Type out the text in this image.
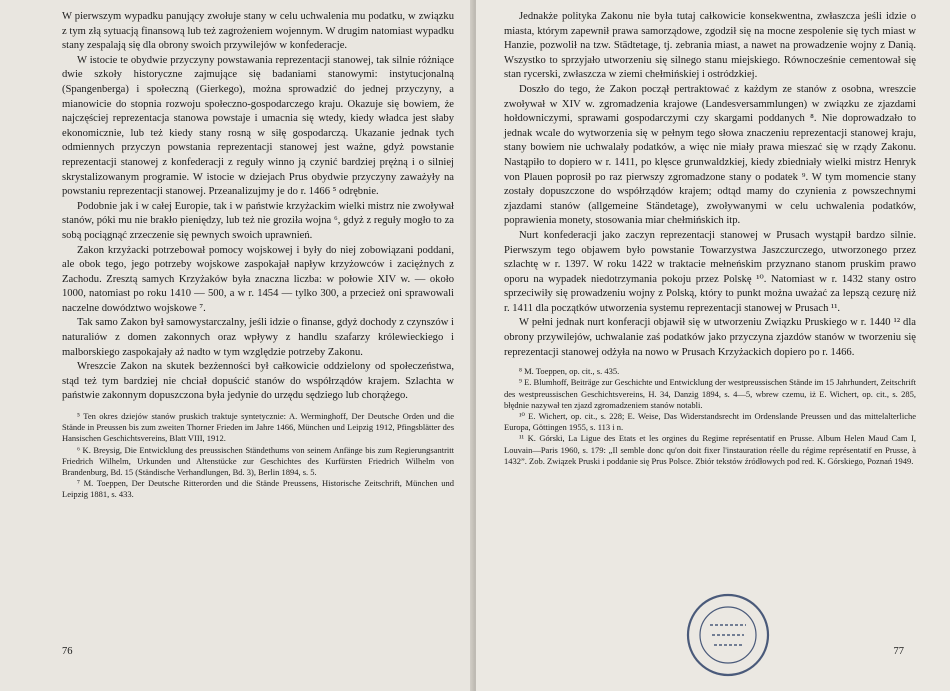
W pierwszym wypadku panujący zwołuje stany w celu uchwalenia mu podatku, w związku z tym złą sytuacją finansową lub też zagrożeniem wojennym. W drugim natomiast wypadku stany zespalają się dla obrony swoich przywilejów w konfederacje.

W istocie te obydwie przyczyny powstawania reprezentacji stanowej, tak silnie różniące dwie szkoły historyczne zajmujące się badaniami stanowymi: instytucjonalną (Spangenberga) i społeczną (Gierkego), można sprowadzić do jednej przyczyny, a mianowicie do stopnia rozwoju społeczno-gospodarczego kraju. Okazuje się bowiem, że najczęściej reprezentacja stanowa powstaje i umacnia się wtedy, kiedy władca jest słaby ekonomicznie, lub też kiedy stany rosną w siłę gospodarczą. Ukazanie jednak tych odmiennych przyczyn powstania reprezentacji stanowej jest ważne, gdyż powstanie reprezentacji stanowej z konfederacji z reguły winno ją czynić bardziej prężną i o silniej skrystalizowanym programie. W istocie w dziejach Prus obydwie przyczyny zaważyły na powstaniu reprezentacji stanowej. Przeanalizujmy je do r. 1466 ⁵ odrębnie.

Podobnie jak i w całej Europie, tak i w państwie krzyżackim wielki mistrz nie zwoływał stanów, póki mu nie brakło pieniędzy, lub też nie groziła wojna ⁶, gdyż z reguły mogło to za sobą pociągnąć zrzeczenie się pewnych swoich uprawnień.

Zakon krzyżacki potrzebował pomocy wojskowej i były do niej zobowiązani poddani, ale obok tego, jego potrzeby wojskowe zaspokajał napływ krzyżowców i zaciężnych z Zachodu. Zresztą samych Krzyżaków była znaczna liczba: w połowie XIV w. — około 1000, natomiast po roku 1410 — 500, a w r. 1454 — tylko 300, a przecież oni sprawowali naczelne dowództwo wojskowe ⁷.

Tak samo Zakon był samowystarczalny, jeśli idzie o finanse, gdyż dochody z czynszów i naturaliów z domen zakonnych oraz wpływy z handlu szafarzy królewieckiego i malborskiego zaspokajały aż nadto w tym względzie potrzeby Zakonu.

Wreszcie Zakon na skutek bezżenności był całkowicie oddzielony od społeczeństwa, stąd też tym bardziej nie chciał dopuścić stanów do współrządów krajem. Szlachta w państwie zakonnym dopuszczona była jedynie do urzędu sędziego lub chorążego.

⁵ Ten okres dziejów stanów pruskich traktuje syntetycznie: A. Werminghoff, Der Deutsche Orden und die Stände in Preussen bis zum zweiten Thorner Frieden im Jahre 1466, München und Leipzig 1912, Pfingsblätter des Hansischen Geschichtsvereins, Blatt VIII, 1912.

⁶ K. Breysig, Die Entwicklung des preussischen Ständethums von seinem Anfänge bis zum Regierungsantritt Friedrich Wilhelm, Urkunden und Altenstücke zur Geschichtes des Kurfürsten Friedrich Wilhelm von Brandenburg, Bd. 15 (Ständische Verhandlungen, Bd. 3), Berlin 1894, s. 5.

⁷ M. Toeppen, Der Deutsche Ritterorden und die Stände Preussens, Historische Zeitschrift, München und Leipzig 1881, s. 433.

76

Jednakże polityka Zakonu nie była tutaj całkowicie konsekwentna, zwłaszcza jeśli idzie o miasta, którym zapewnił prawa samorządowe, zgodził się na mocne zespolenie się tych miast w Hanzie, pozwolił na tzw. Städtetage, tj. zebrania miast, a nawet na prowadzenie wojny z Danią. Wszystko to sprzyjało utworzeniu się silnego stanu miejskiego. Równocześnie cementował się stan rycerski, zwłaszcza w ziemi chełmińskiej i ostródzkiej.

Doszło do tego, że Zakon począł pertraktować z każdym ze stanów z osobna, wreszcie zwoływał w XIV w. zgromadzenia krajowe (Landesversammlungen) w związku ze zjazdami hołdowniczymi, sprawami gospodarczymi czy skargami poddanych ⁸. Nie doprowadzało to jednak wcale do wytworzenia się w pełnym tego słowa znaczeniu reprezentacji stanowej kraju, stany bowiem nie uchwalały podatków, a więc nie miały prawa mieszać się w rządy Zakonu. Nastąpiło to dopiero w r. 1411, po klęsce grunwaldzkiej, kiedy zbiedniały wielki mistrz Henryk von Plauen poprosił po raz pierwszy zgromadzone stany o podatek ⁹. W tym momencie stany zostały dopuszczone do współrządów krajem; odtąd mamy do czynienia z powszechnymi zjazdami stanów (allgemeine Ständetage), zwoływanymi w celu uchwalenia podatków, poprawienia monety, stosowania miar chełmińskich itp.

Nurt konfederacji jako zaczyn reprezentacji stanowej w Prusach wystąpił bardzo silnie. Pierwszym tego objawem było powstanie Towarzystwa Jaszczurczego, utworzonego przez szlachtę w r. 1397. W roku 1422 w traktacie mełneńskim przyznano stanom pruskim prawo oporu na wypadek niedotrzymania pokoju przez Polskę ¹⁰. Natomiast w r. 1432 stany ostro sprzeciwiły się prowadzeniu wojny z Polską, który to punkt można uważać za lepszą cezurę niż r. 1411 dla początków utworzenia systemu reprezentacji stanowej w Prusach ¹¹.

W pełni jednak nurt konferacji objawił się w utworzeniu Związku Pruskiego w r. 1440 ¹² dla obrony przywilejów, uchwalanie zaś podatków jako przyczyna zjazdów stanów w tworzeniu się reprezentacji stanowej odżyła na nowo w Prusach Krzyżackich dopiero po r. 1466.

⁸ M. Toeppen, op. cit., s. 435.

⁹ E. Blumhoff, Beiträge zur Geschichte und Entwicklung der westpreussischen Stände im 15 Jahrhundert, Zeitschrift des westpreussischen Geschichtsvereins, H. 34, Danzig 1894, s. 4—5, wbrew czemu, iż E. Wichert, op. cit., s. 285, błędnie nazywał ten zjazd zgromadzeniem stanów notabli.

¹⁰ E. Wichert, op. cit., s. 228; E. Weise, Das Widerstandsrecht im Ordenslande Preussen und das mittelalterliche Europa, Göttingen 1955, s. 113 i n.

¹¹ K. Górski, La Ligue des Etats et les orgines du Regime représentatif en Prusse. Album Helen Maud Cam I, Louvain—Paris 1960, s. 179: „Il semble donc qu'on doit fixer l'instauration réelle du régime représentatif en Prusse, à 1432”. Zob. Związek Pruski i poddanie się Prus Polsce. Zbiór tekstów źródłowych pod red. K. Górskiego, Poznań 1949.

77
